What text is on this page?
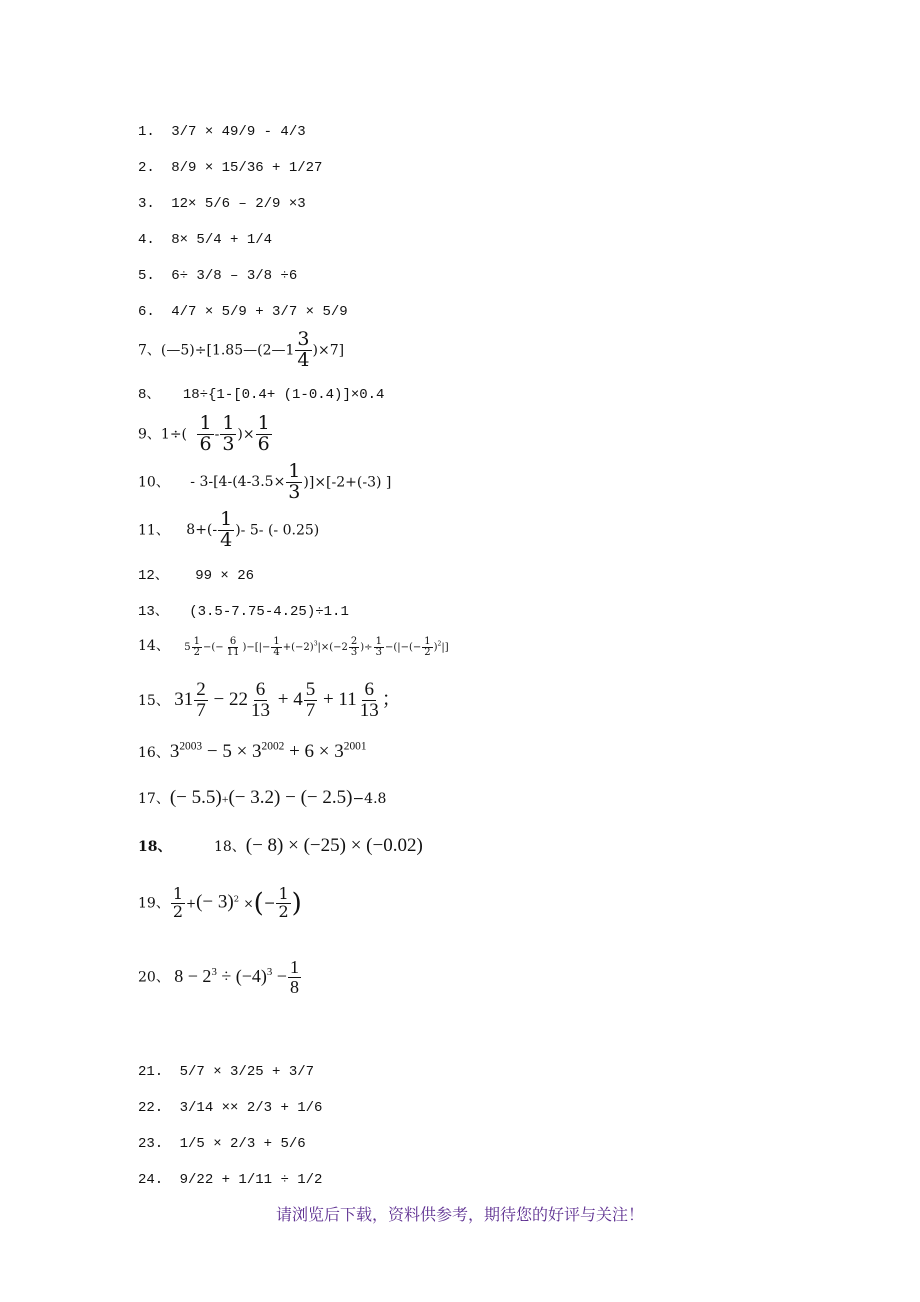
1. 3/7 × 49/9 - 4/3
2. 8/9 × 15/36 + 1/27
3. 12× 5/6 – 2/9 ×3
4. 8× 5/4 + 1/4
5. 6÷ 3/8 – 3/8 ÷6
6. 4/7 × 5/9 + 3/7 × 5/9
7、(—5)÷[1.85—(2—1 $\frac{3}{4} )\times 7$]
8、 18÷{1-[0.4+ (1-0.4)]×0.4
9、$1\div( \frac{1}{6} - \frac{1}{3}$ )× $\frac{1}{6}$
10、 - $3-[4-(4-3.5\times \frac{1}{3} )]\times[-2+(-3)$ ]
11、 $8+(- \frac{1}{4}$ )- 5- (- 0.25)
12、 99 × 26
13、 (3.5-7.75-4.25)÷1.1
14、 $5 \frac{1}{2}$ −(− $\frac{6}{11}$ )−[|− $\frac{1}{4} +(-2)^3|\times(-2 \frac{2}{3}$ )÷ $\frac{1}{3}$ −(|−(− $\frac{1}{2} )^2|$]
15、 $31 \frac{2}{7} - 22 \frac{6}{13} + 4 \frac{5}{7} + 11 \frac{6}{13}$ ；
16、$3^{2003} - 5 \times 3^{2002} + 6 \times 3^{2001}$
17、(− 5.5)+(− 3.2) − (− 2.5)−4.8
18、	18、(− 8) × (−25) × (−0.02)
19、 $\frac{1}{2}$ +(− 3)$^2$ ×(− $\frac{1}{2}$ )
20、 $8 - 2^3 \div (-4)^3 - \frac{1}{8}$
21. 5/7 × 3/25 + 3/7
22. 3/14 ×× 2/3 + 1/6
23. 1/5 × 2/3 + 5/6
24. 9/22 + 1/11 ÷ 1/2
请浏览后下载，资料供参考，期待您的好评与关注！
